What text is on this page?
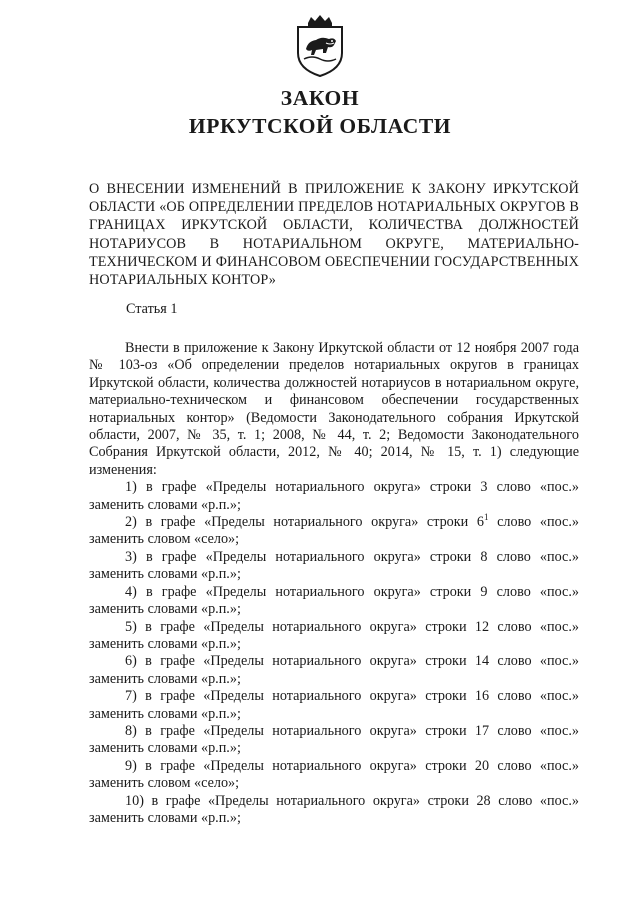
ЗАКОН
ИРКУТСКОЙ ОБЛАСТИ
О ВНЕСЕНИИ ИЗМЕНЕНИЙ В ПРИЛОЖЕНИЕ К ЗАКОНУ ИРКУТСКОЙ ОБЛАСТИ «ОБ ОПРЕДЕЛЕНИИ ПРЕДЕЛОВ НОТАРИАЛЬНЫХ ОКРУГОВ В ГРАНИЦАХ ИРКУТСКОЙ ОБЛАСТИ, КОЛИЧЕСТВА ДОЛЖНОСТЕЙ НОТАРИУСОВ В НОТАРИАЛЬНОМ ОКРУГЕ, МАТЕРИАЛЬНО-ТЕХНИЧЕСКОМ И ФИНАНСОВОМ ОБЕСПЕЧЕНИИ ГОСУДАРСТВЕННЫХ НОТАРИАЛЬНЫХ КОНТОР»
Статья 1

Внести в приложение к Закону Иркутской области от 12 ноября 2007 года № 103-оз «Об определении пределов нотариальных округов в границах Иркутской области, количества должностей нотариусов в нотариальном округе, материально-техническом и финансовом обеспечении государственных нотариальных контор» (Ведомости Законодательного собрания Иркутской области, 2007, № 35, т. 1; 2008, № 44, т. 2; Ведомости Законодательного Собрания Иркутской области, 2012, № 40; 2014, № 15, т. 1) следующие изменения:

1) в графе «Пределы нотариального округа» строки 3 слово «пос.»
заменить словами «р.п.»;
2) в графе «Пределы нотариального округа» строки $6^1$ слово «пос.»
заменить словом «село»;
3) в графе «Пределы нотариального округа» строки 8 слово «пос.»
заменить словами «р.п.»;
4) в графе «Пределы нотариального округа» строки 9 слово «пос.»
заменить словами «р.п.»;
5) в графе «Пределы нотариального округа» строки 12 слово «пос.»
заменить словами «р.п.»;
6) в графе «Пределы нотариального округа» строки 14 слово «пос.»
заменить словами «р.п.»;
7) в графе «Пределы нотариального округа» строки 16 слово «пос.»
заменить словами «р.п.»;
8) в графе «Пределы нотариального округа» строки 17 слово «пос.»
заменить словами «р.п.»;
9) в графе «Пределы нотариального округа» строки 20 слово «пос.»
заменить словом «село»;
10) в графе «Пределы нотариального округа» строки 28 слово «пос.»
заменить словами «р.п.»;
